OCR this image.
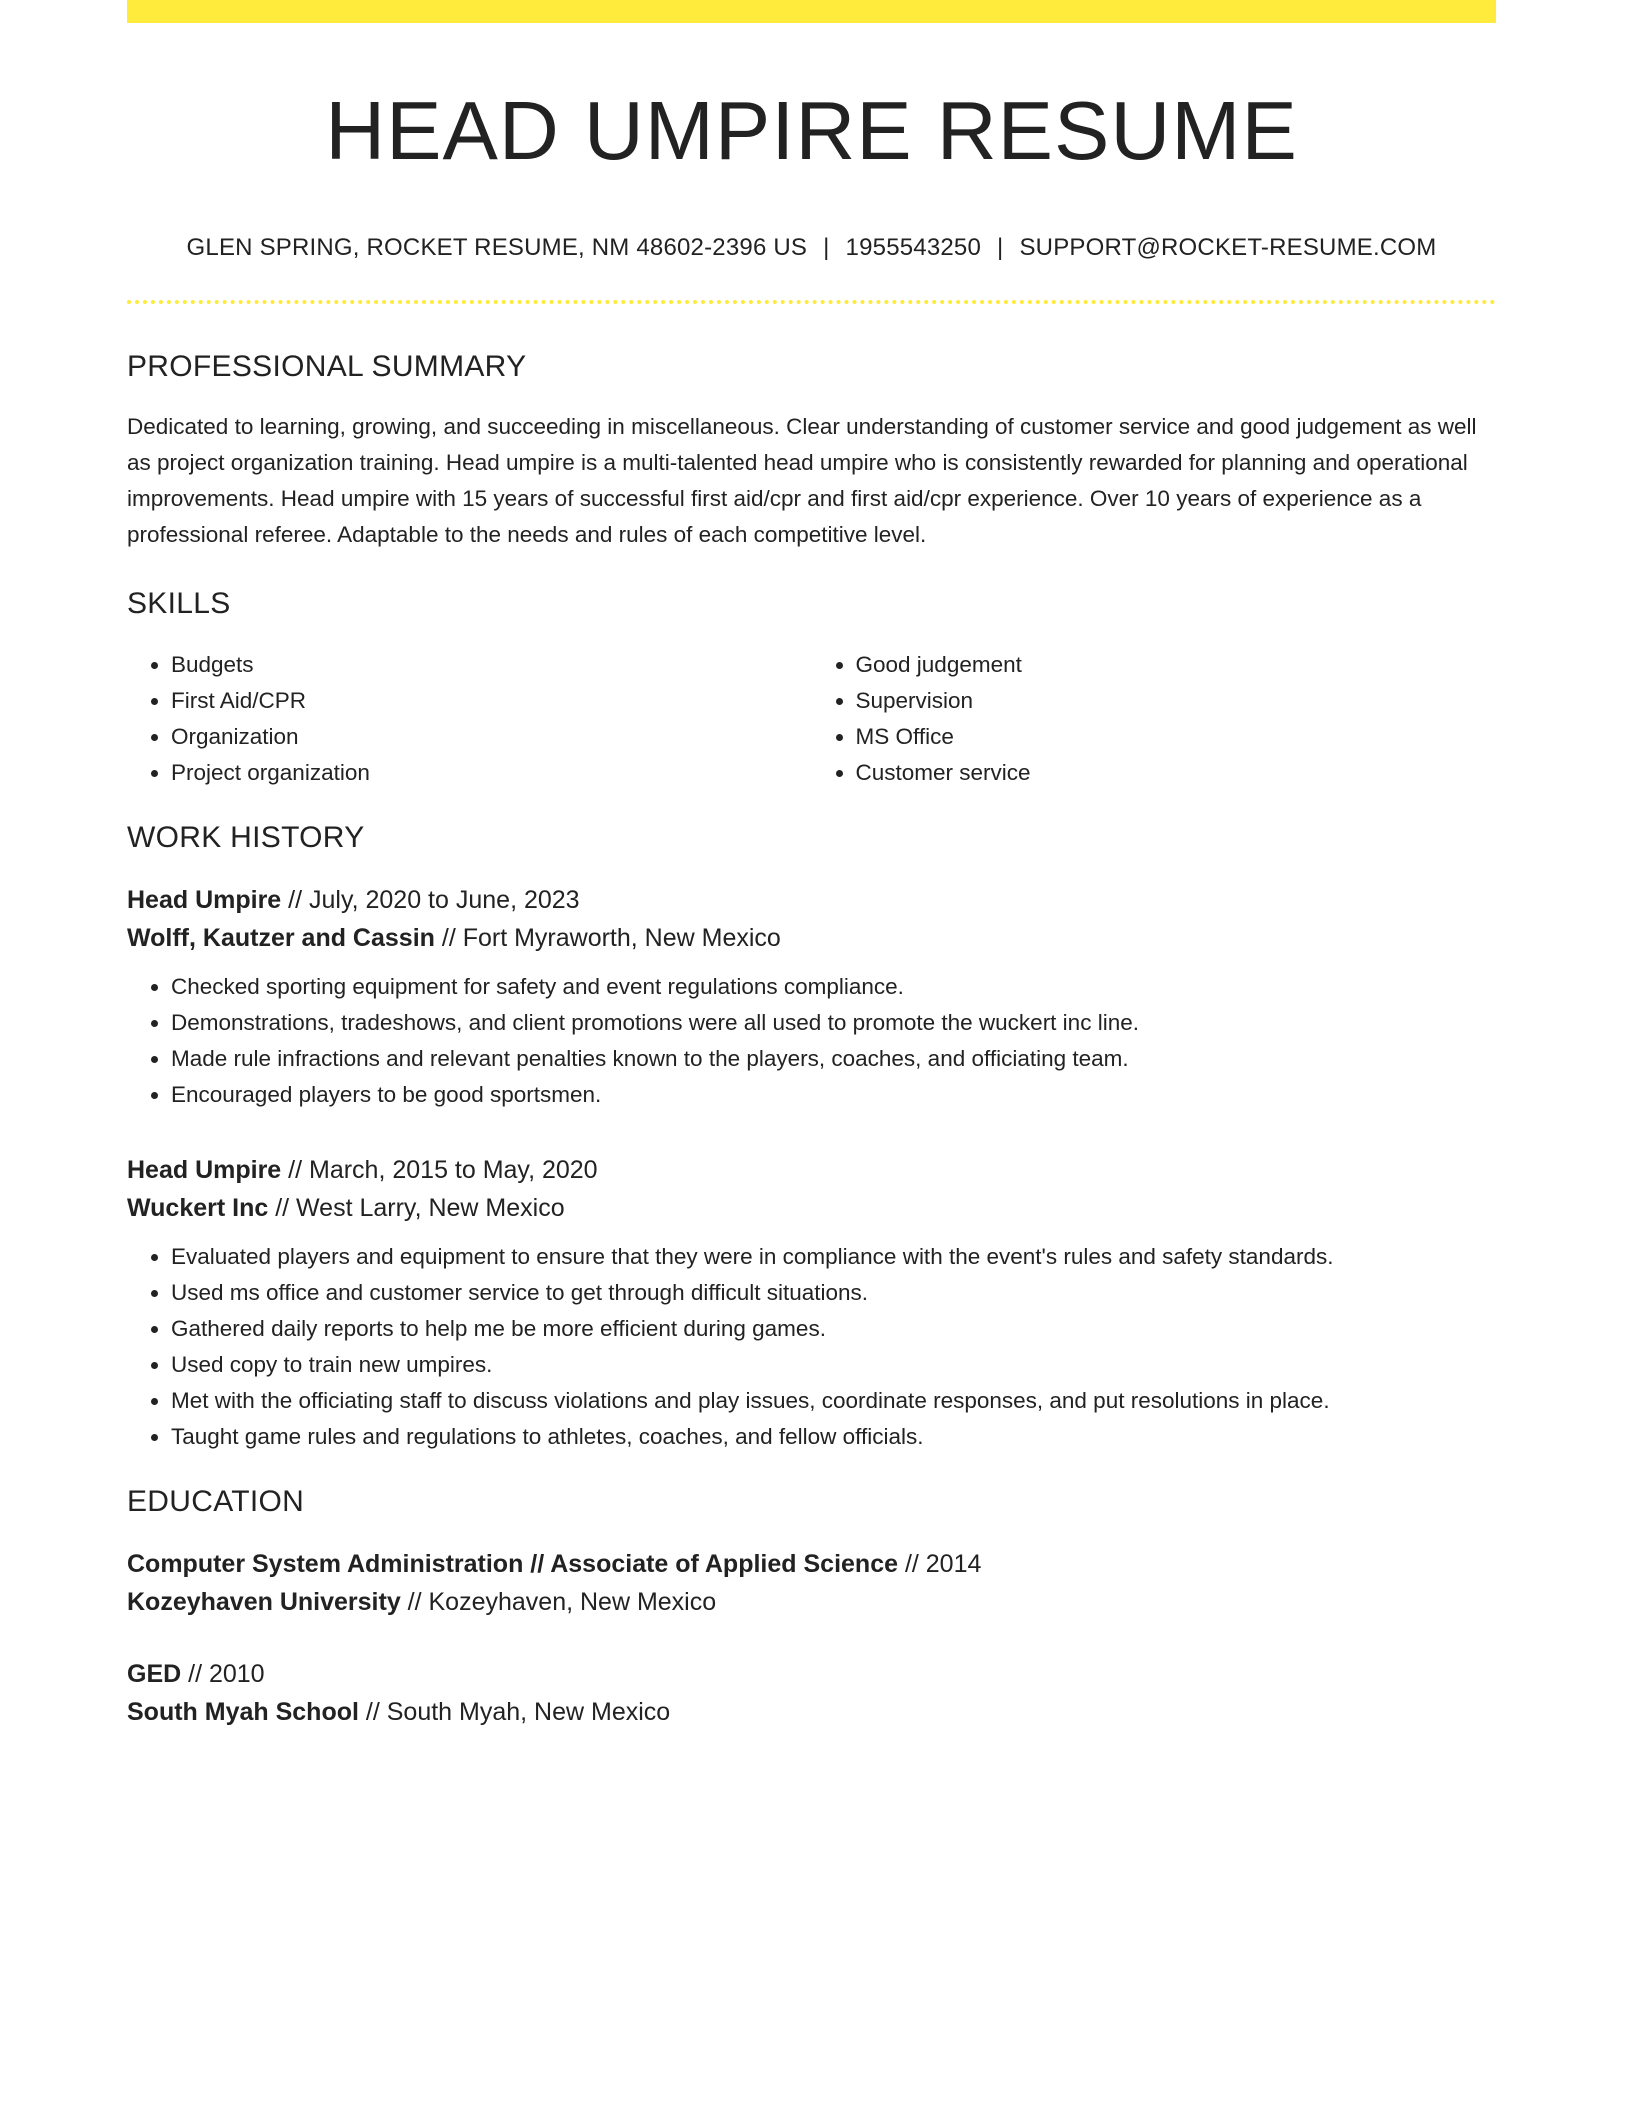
HEAD UMPIRE RESUME
GLEN SPRING, ROCKET RESUME, NM 48602-2396 US | 1955543250 | SUPPORT@ROCKET-RESUME.COM
PROFESSIONAL SUMMARY
Dedicated to learning, growing, and succeeding in miscellaneous. Clear understanding of customer service and good judgement as well as project organization training. Head umpire is a multi-talented head umpire who is consistently rewarded for planning and operational improvements. Head umpire with 15 years of successful first aid/cpr and first aid/cpr experience. Over 10 years of experience as a professional referee. Adaptable to the needs and rules of each competitive level.
SKILLS
• Budgets
• First Aid/CPR
• Organization
• Project organization
• Good judgement
• Supervision
• MS Office
• Customer service
WORK HISTORY
Head Umpire // July, 2020 to June, 2023
Wolff, Kautzer and Cassin // Fort Myraworth, New Mexico
• Checked sporting equipment for safety and event regulations compliance.
• Demonstrations, tradeshows, and client promotions were all used to promote the wuckert inc line.
• Made rule infractions and relevant penalties known to the players, coaches, and officiating team.
• Encouraged players to be good sportsmen.
Head Umpire // March, 2015 to May, 2020
Wuckert Inc // West Larry, New Mexico
• Evaluated players and equipment to ensure that they were in compliance with the event's rules and safety standards.
• Used ms office and customer service to get through difficult situations.
• Gathered daily reports to help me be more efficient during games.
• Used copy to train new umpires.
• Met with the officiating staff to discuss violations and play issues, coordinate responses, and put resolutions in place.
• Taught game rules and regulations to athletes, coaches, and fellow officials.
EDUCATION
Computer System Administration // Associate of Applied Science // 2014
Kozeyhaven University // Kozeyhaven, New Mexico
GED // 2010
South Myah School // South Myah, New Mexico
